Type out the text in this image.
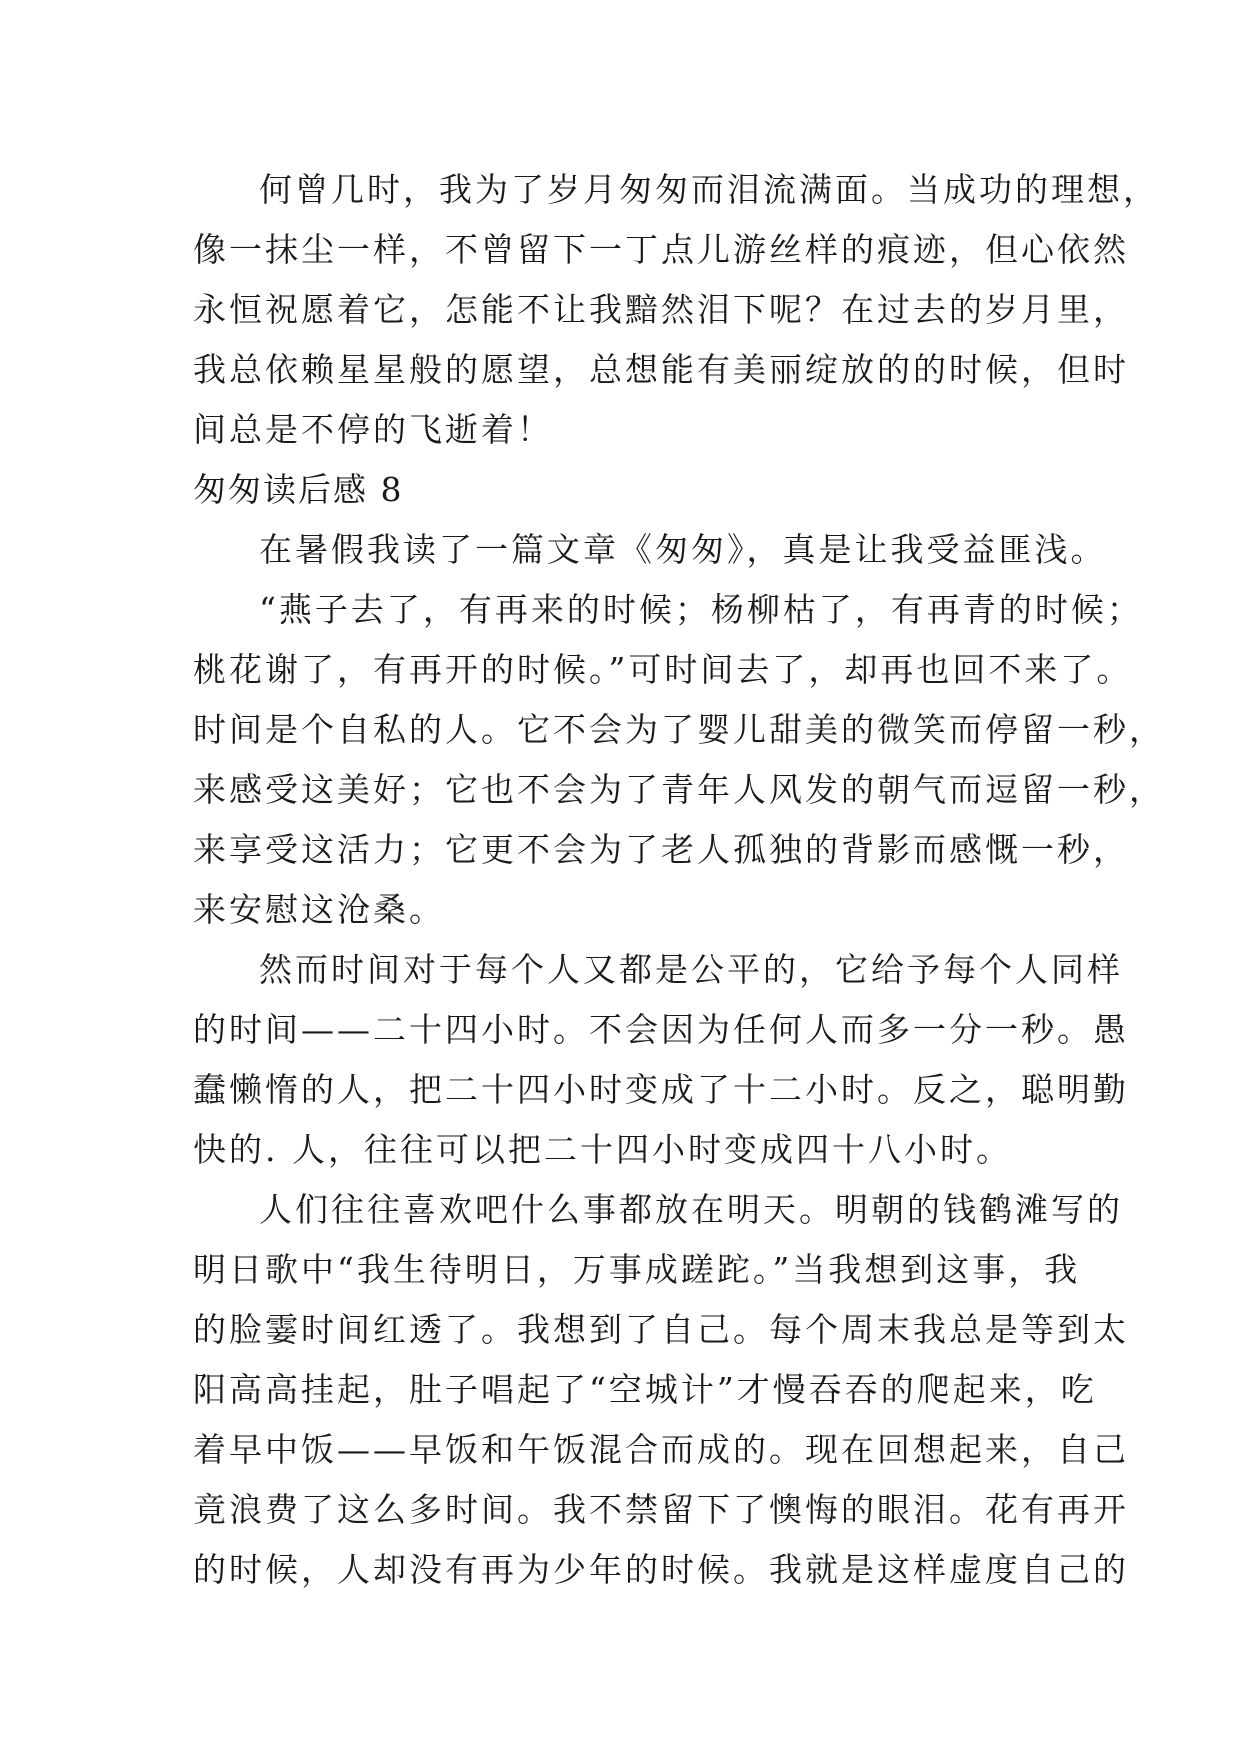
何曾几时，我为了岁月匆匆而泪流满面。当成功的理想，
像一抹尘一样，不曾留下一丁点儿游丝样的痕迹，但心依然
永恒祝愿着它，怎能不让我黯然泪下呢？在过去的岁月里，
我总依赖星星般的愿望，总想能有美丽绽放的的时候，但时
间总是不停的飞逝着！
匆匆读后感 8
在暑假我读了一篇文章《匆匆》，真是让我受益匪浅。
“燕子去了，有再来的时候；杨柳枯了，有再青的时候；
桃花谢了，有再开的时候。”可时间去了，却再也回不来了。
时间是个自私的人。它不会为了婴儿甜美的微笑而停留一秒，
来感受这美好；它也不会为了青年人风发的朝气而逗留一秒，
来享受这活力；它更不会为了老人孤独的背影而感慨一秒，
来安慰这沧桑。
然而时间对于每个人又都是公平的，它给予每个人同样
的时间——二十四小时。不会因为任何人而多一分一秒。愚
蠢懒惰的人，把二十四小时变成了十二小时。反之，聪明勤
快的. 人，往往可以把二十四小时变成四十八小时。
人们往往喜欢吧什么事都放在明天。明朝的钱鹤滩写的
明日歌中“我生待明日，万事成蹉跎。”当我想到这事，我
的脸霎时间红透了。我想到了自己。每个周末我总是等到太
阳高高挂起，肚子唱起了“空城计”才慢吞吞的爬起来，吃
着早中饭——早饭和午饭混合而成的。现在回想起来，自己
竟浪费了这么多时间。我不禁留下了懊悔的眼泪。花有再开
的时候，人却没有再为少年的时候。我就是这样虚度自己的
